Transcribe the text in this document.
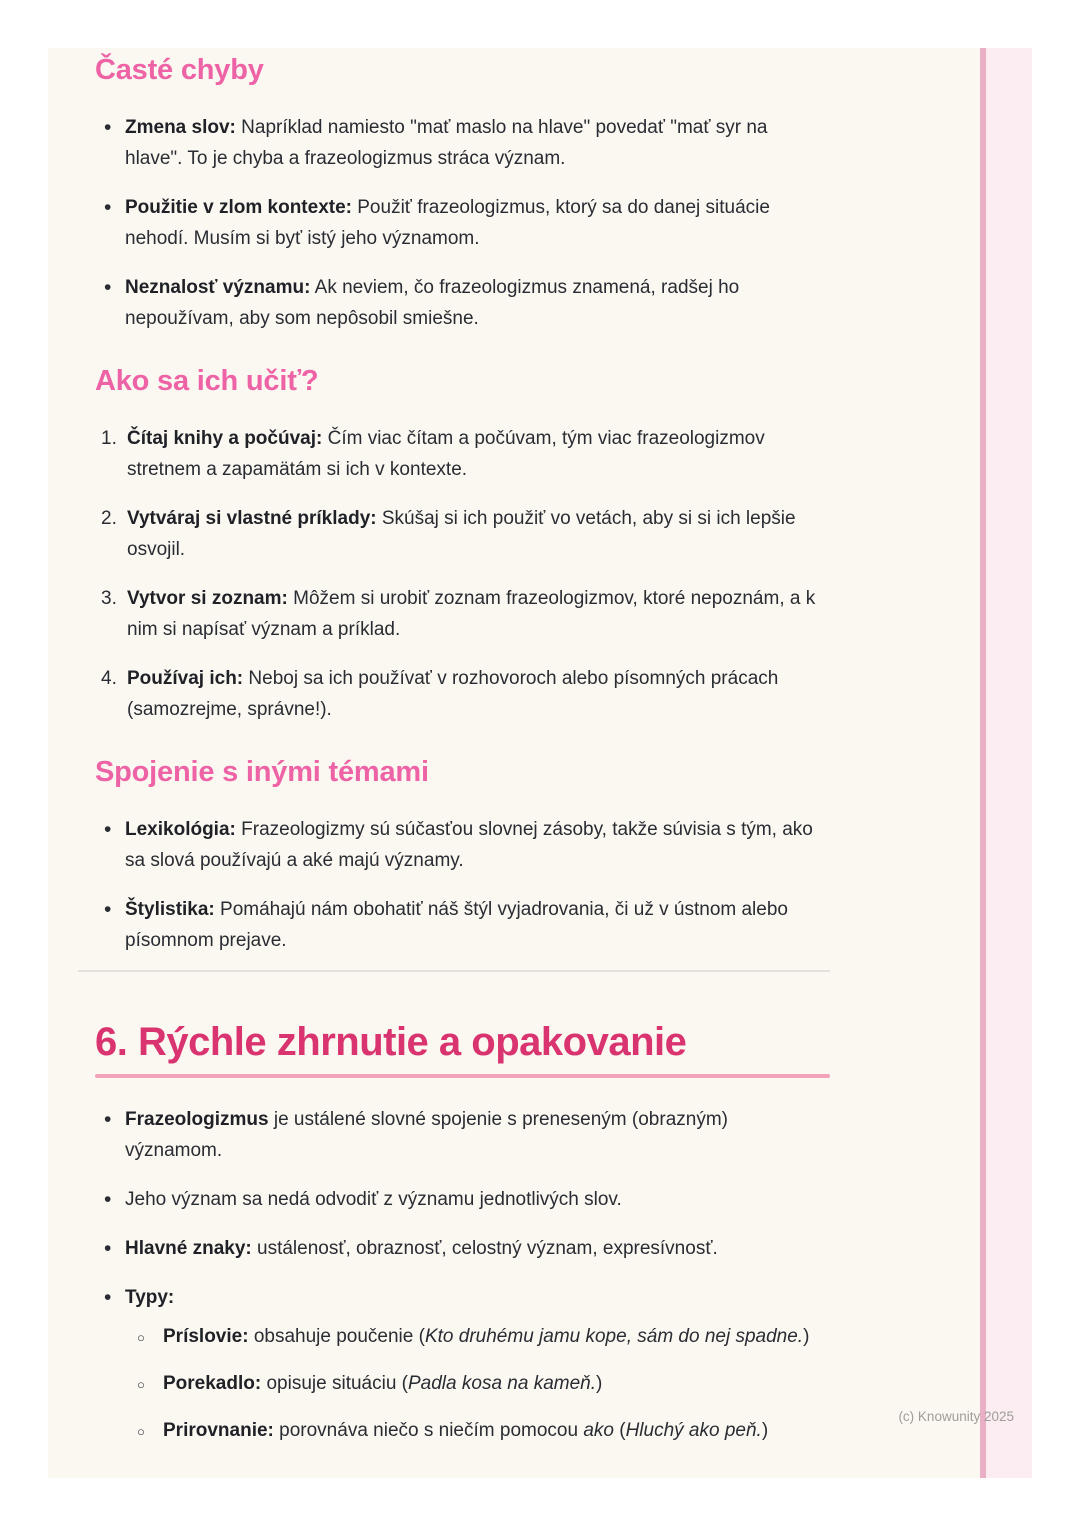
Časté chyby
• Zmena slov: Napríklad namiesto "mať maslo na hlave" povedať "mať syr na hlave". To je chyba a frazeologizmus stráca význam.
• Použitie v zlom kontexte: Použiť frazeologizmus, ktorý sa do danej situácie nehodí. Musím si byť istý jeho významom.
• Neznalosť významu: Ak neviem, čo frazeologizmus znamená, radšej ho nepoužívam, aby som nepôsobil smiešne.
Ako sa ich učiť?
Čítaj knihy a počúvaj: Čím viac čítam a počúvam, tým viac frazeologizmov stretnem a zapamätám si ich v kontexte.
Vytváraj si vlastné príklady: Skúšaj si ich použiť vo vetách, aby si si ich lepšie osvojil.
Vytvor si zoznam: Môžem si urobiť zoznam frazeologizmov, ktoré nepoznám, a k nim si napísať význam a príklad.
Používaj ich: Neboj sa ich používať v rozhovoroch alebo písomných prácach (samozrejme, správne!).
Spojenie s inými témami
• Lexikológia: Frazeologizmy sú súčasťou slovnej zásoby, takže súvisia s tým, ako sa slová používajú a aké majú významy.
• Štylistika: Pomáhajú nám obohatiť náš štýl vyjadrovania, či už v ústnom alebo písomnom prejave.
6. Rýchle zhrnutie a opakovanie
• Frazeologizmus je ustálené slovné spojenie s preneseným (obrazným) významom.
• Jeho význam sa nedá odvodiť z významu jednotlivých slov.
• Hlavné znaky: ustálenosť, obraznosť, celostný význam, expresívnosť.
• Typy:
○ Príslovie: obsahuje poučenie (Kto druhému jamu kope, sám do nej spadne.)
○ Porekadlo: opisuje situáciu (Padla kosa na kameň.)
○ Prirovnanie: porovnáva niečo s niečím pomocou ako (Hluchý ako peň.)
(c) Knowunity 2025
